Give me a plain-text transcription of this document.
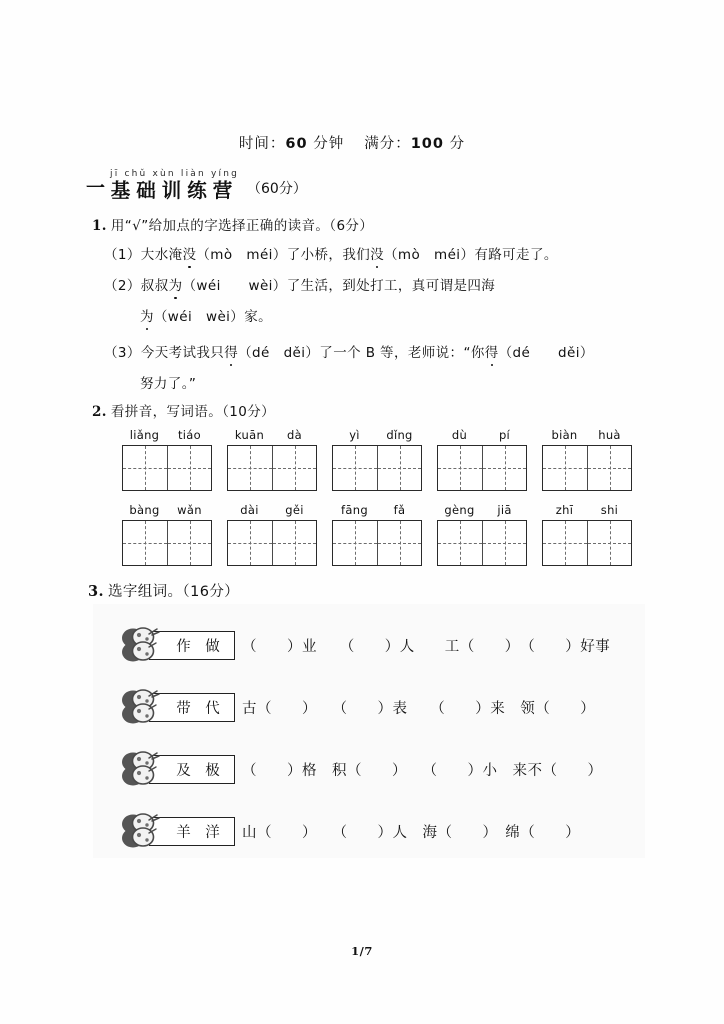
时间：60 分钟 满分：100 分
一
jī chǔ xùn liàn yíng
基础训练营 （60分）
1. 用“√”给加点的字选择正确的读音。（6分）
（1）大水淹没（mò　méi）了小桥，我们没（mò　méi）有路可走了。
（2）叔叔为（wéi　　wèi）了生活，到处打工，真可谓是四海
为（wéi　wèi）家。
（3）今天考试我只得（dé　děi）了一个 B 等，老师说：“你得（dé　　děi）
努力了。”
2. 看拼音，写词语。（10分）
liǎng	tiáo	kuān	dà	yì	dǐng	dù	pí	biàn	huà
bàng	wǎn	dài	gěi	fāng	fǎ	gèng	jiā	zhī	shi
3. 选字组词。（16分）
作 做 （　　）业　　（　　）人　　工（　　）　（　　）好事
带 代 古（　　）　　（　　）表　　（　　）来　领（　　）
及 极 （　　）格　积（　　）　　（　　）小　来不（　　）
羊 洋 山（　　）　　（　　）人　海（　　）　绵（　　）
1/7
